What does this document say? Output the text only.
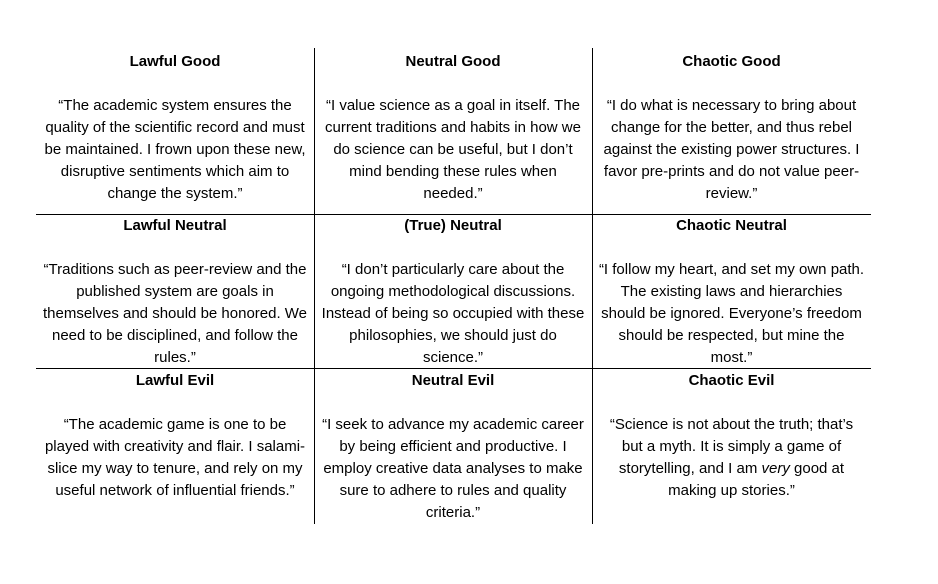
Lawful Good

“The academic system ensures the quality of the scientific record and must be maintained. I frown upon these new, disruptive sentiments which aim to change the system.”

Neutral Good

“I value science as a goal in itself. The current traditions and habits in how we do science can be useful, but I don’t mind bending these rules when needed.”

Chaotic Good

“I do what is necessary to bring about change for the better, and thus rebel against the existing power structures. I favor pre-prints and do not value peer-review.”

Lawful Neutral

“Traditions such as peer-review and the published system are goals in themselves and should be honored. We need to be disciplined, and follow the rules.”

(True) Neutral

“I don’t particularly care about the ongoing methodological discussions. Instead of being so occupied with these philosophies, we should just do science.”

Chaotic Neutral

“I follow my heart, and set my own path. The existing laws and hierarchies should be ignored. Everyone’s freedom should be respected, but mine the most.”

Lawful Evil

“The academic game is one to be played with creativity and flair. I salami-slice my way to tenure, and rely on my useful network of influential friends.”

Neutral Evil

“I seek to advance my academic career by being efficient and productive. I employ creative data analyses to make sure to adhere to rules and quality criteria.”

Chaotic Evil

“Science is not about the truth; that’s but a myth. It is simply a game of storytelling, and I am very good at making up stories.”
